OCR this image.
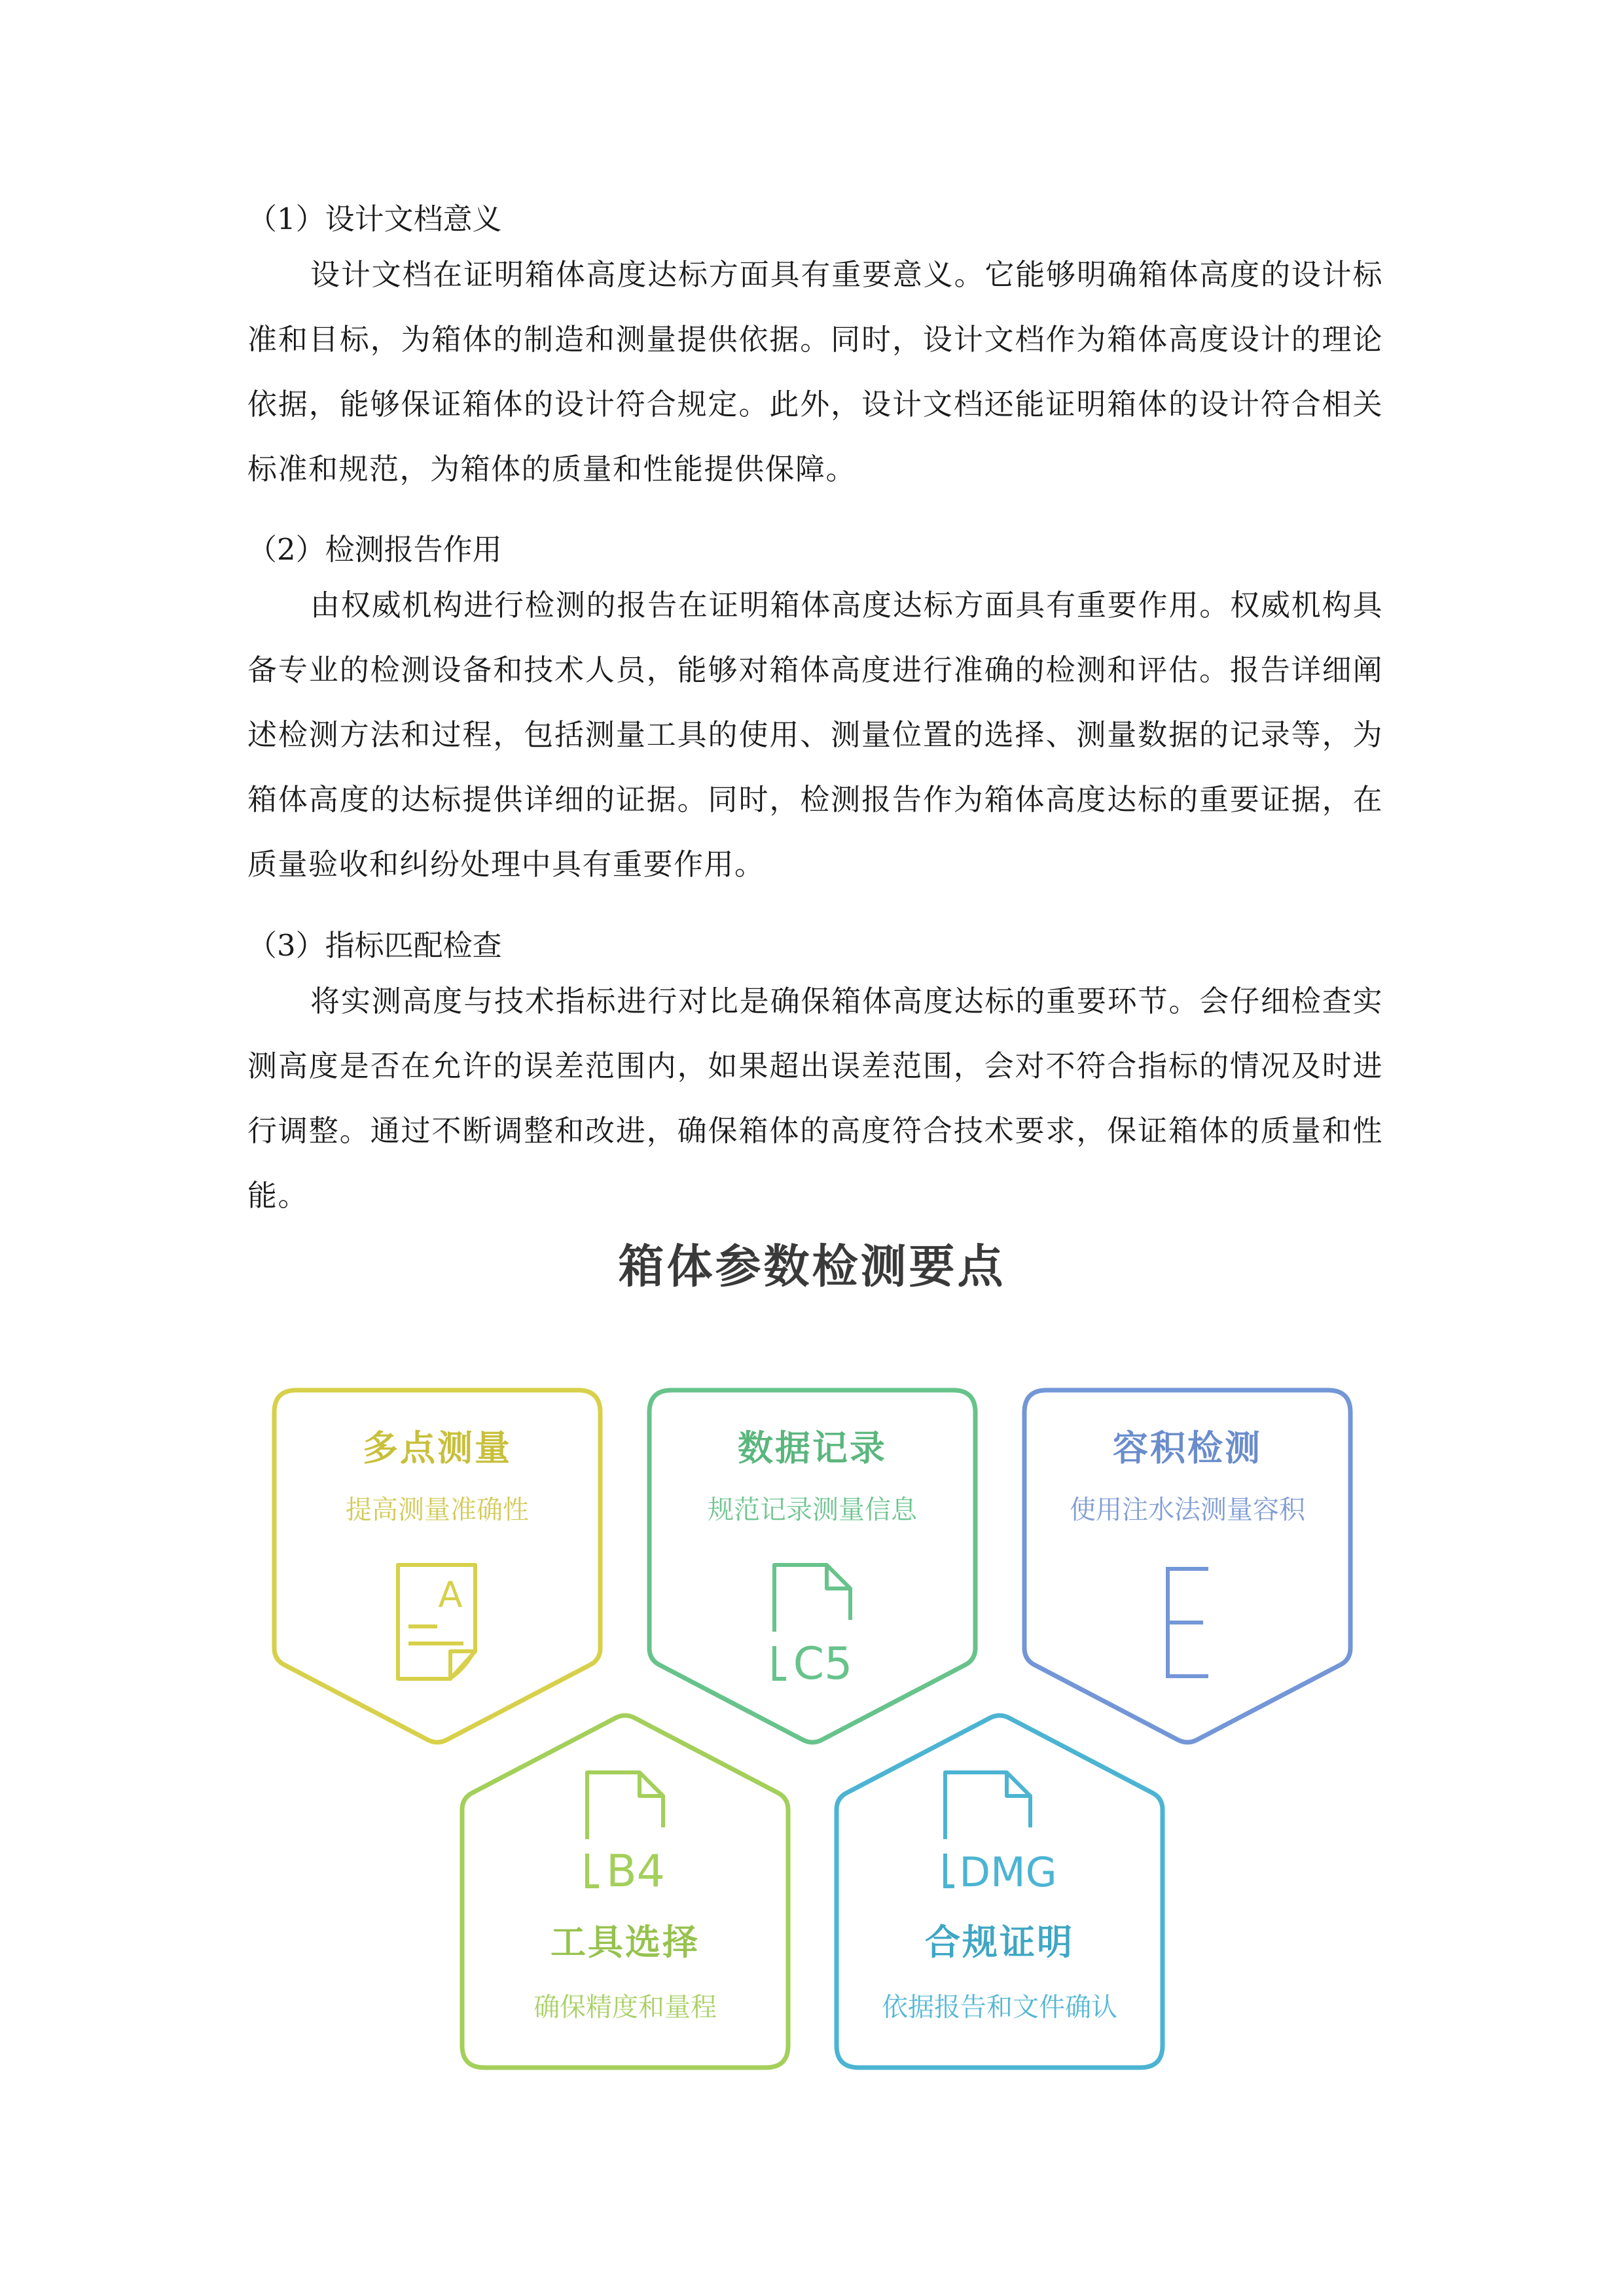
（1）设计文档意义
设计文档在证明箱体高度达标方面具有重要意义。它能够明确箱体高度的设计标准和目标，为箱体的制造和测量提供依据。同时，设计文档作为箱体高度设计的理论依据，能够保证箱体的设计符合规定。此外，设计文档还能证明箱体的设计符合相关标准和规范，为箱体的质量和性能提供保障。
（2）检测报告作用
由权威机构进行检测的报告在证明箱体高度达标方面具有重要作用。权威机构具备专业的检测设备和技术人员，能够对箱体高度进行准确的检测和评估。报告详细阐述检测方法和过程，包括测量工具的使用、测量位置的选择、测量数据的记录等，为箱体高度的达标提供详细的证据。同时，检测报告作为箱体高度达标的重要证据，在质量验收和纠纷处理中具有重要作用。
（3）指标匹配检查
将实测高度与技术指标进行对比是确保箱体高度达标的重要环节。会仔细检查实测高度是否在允许的误差范围内，如果超出误差范围，会对不符合指标的情况及时进行调整。通过不断调整和改进，确保箱体的高度符合技术要求，保证箱体的质量和性能。
箱体参数检测要点
多点测量
提高测量准确性
A
数据记录
规范记录测量信息
C5
容积检测
使用注水法测量容积
B4
工具选择
确保精度和量程
DMG
合规证明
依据报告和文件确认
